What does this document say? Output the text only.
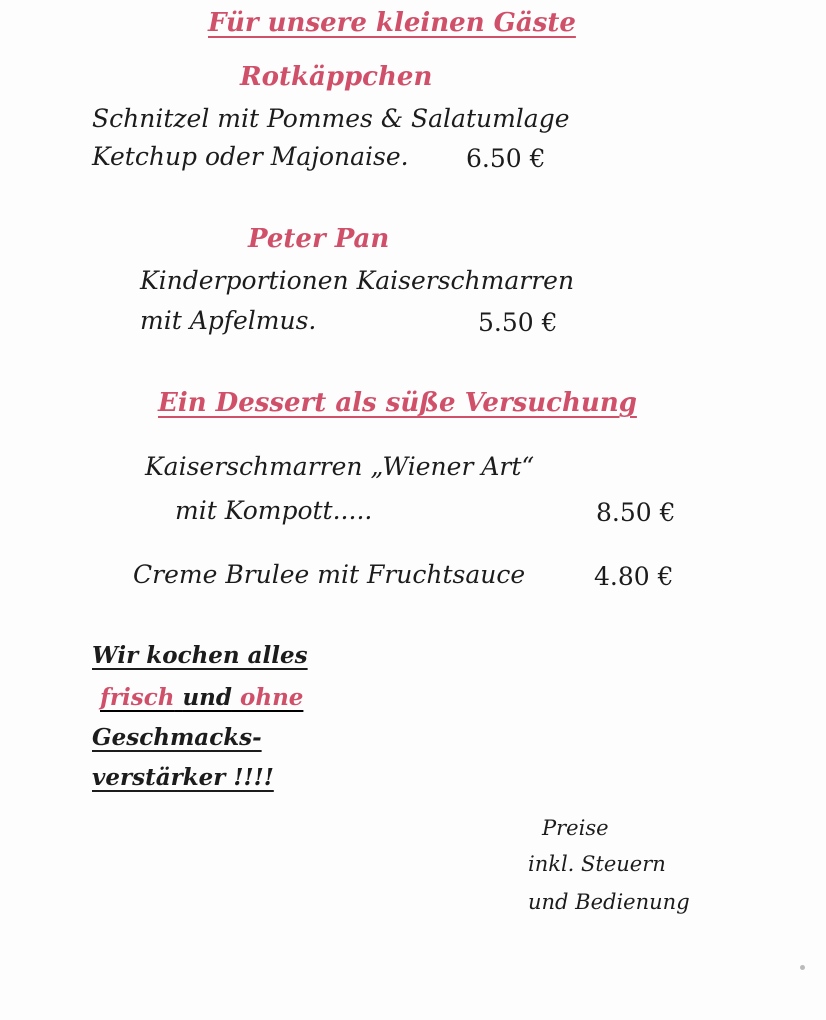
Für unsere kleinen Gäste

Rotkäppchen

Schnitzel mit Pommes & Salatumlage

Ketchup oder Majonaise. 6.50 €

Peter Pan

Kinderportionen Kaiserschmarren

mit Apfelmus.	5.50 €

Ein Dessert als süße Versuchung

Kaiserschmarren „Wiener Art“

mit Kompott.....	8.50 €

Creme Brulee mit Fruchtsauce	4.80 €

Wir kochen alles

frisch und ohne

Geschmacks-

verstärker !!!!

Preise

inkl. Steuern

und Bedienung
